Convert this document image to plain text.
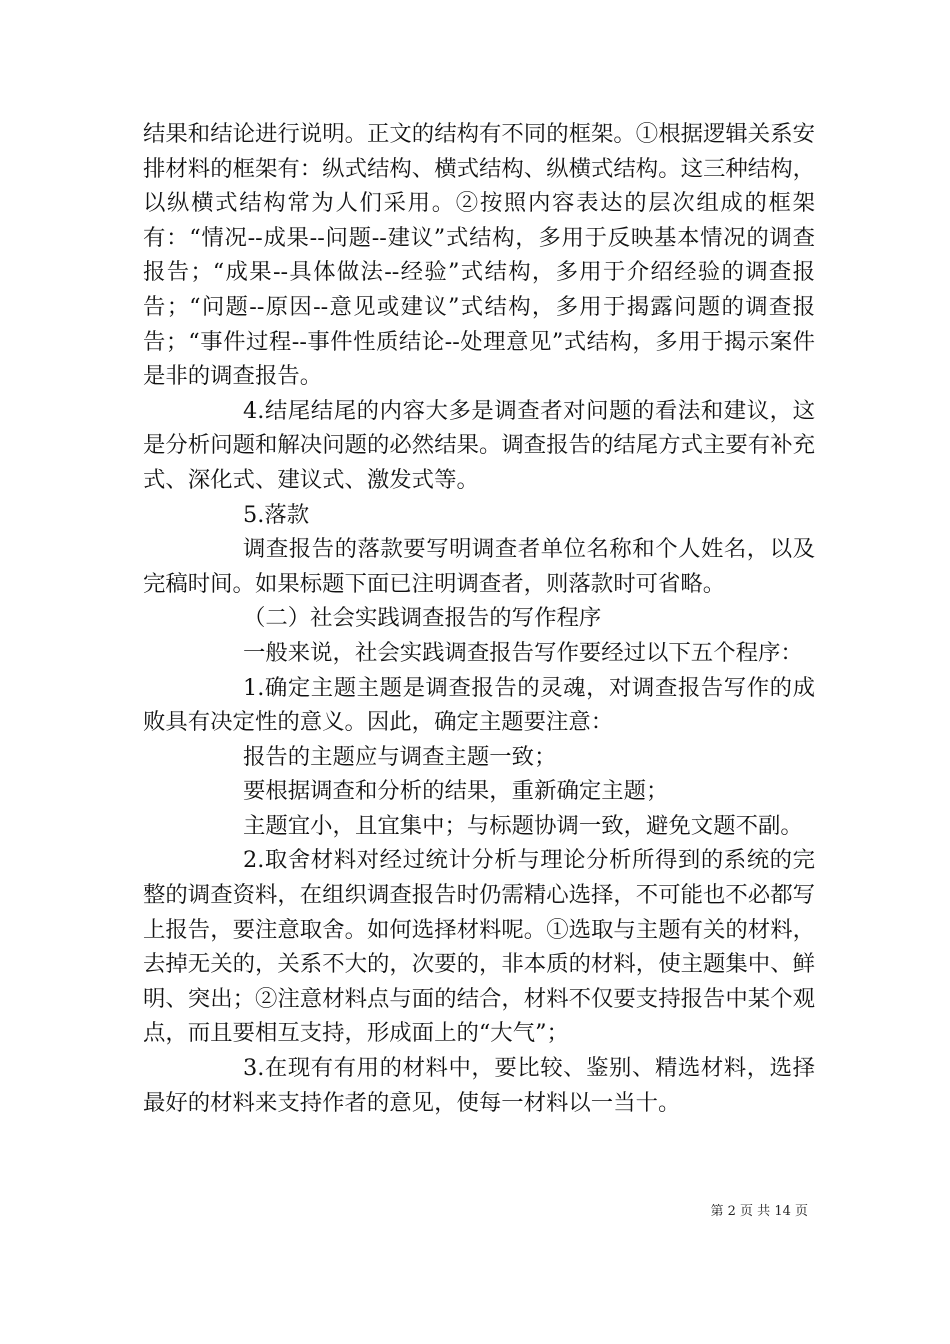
结果和结论进行说明。正文的结构有不同的框架。①根据逻辑关系安排材料的框架有：纵式结构、横式结构、纵横式结构。这三种结构，以纵横式结构常为人们采用。②按照内容表达的层次组成的框架有：“情况--成果--问题--建议”式结构，多用于反映基本情况的调查报告；“成果--具体做法--经验”式结构，多用于介绍经验的调查报告；“问题--原因--意见或建议”式结构，多用于揭露问题的调查报告；“事件过程--事件性质结论--处理意见”式结构，多用于揭示案件是非的调查报告。

4.结尾结尾的内容大多是调查者对问题的看法和建议，这是分析问题和解决问题的必然结果。调查报告的结尾方式主要有补充式、深化式、建议式、激发式等。

5.落款

调查报告的落款要写明调查者单位名称和个人姓名，以及完稿时间。如果标题下面已注明调查者，则落款时可省略。

（二）社会实践调查报告的写作程序

一般来说，社会实践调查报告写作要经过以下五个程序：

1.确定主题主题是调查报告的灵魂，对调查报告写作的成败具有决定性的意义。因此，确定主题要注意：

报告的主题应与调查主题一致；

要根据调查和分析的结果，重新确定主题；

主题宜小，且宜集中；与标题协调一致，避免文题不副。

2.取舍材料对经过统计分析与理论分析所得到的系统的完整的调查资料，在组织调查报告时仍需精心选择，不可能也不必都写上报告，要注意取舍。如何选择材料呢。①选取与主题有关的材料，去掉无关的，关系不大的，次要的，非本质的材料，使主题集中、鲜明、突出；②注意材料点与面的结合，材料不仅要支持报告中某个观点，而且要相互支持，形成面上的“大气”；

3.在现有有用的材料中，要比较、鉴别、精选材料，选择最好的材料来支持作者的意见，使每一材料以一当十。

第 2 页 共 14 页
